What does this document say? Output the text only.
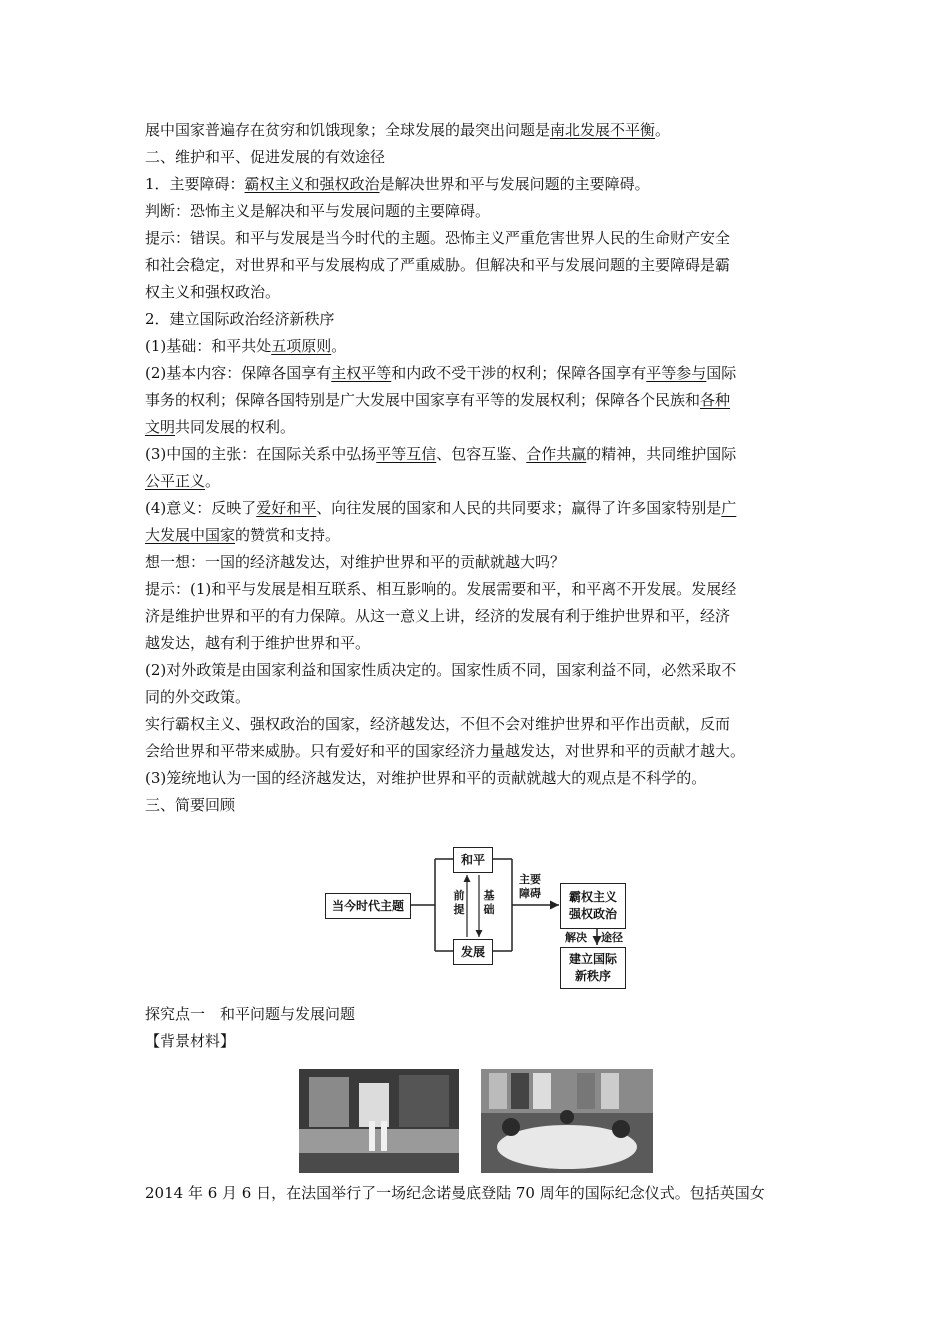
展中国家普遍存在贫穷和饥饿现象；全球发展的最突出问题是南北发展不平衡。
二、维护和平、促进发展的有效途径
1．主要障碍：霸权主义和强权政治是解决世界和平与发展问题的主要障碍。
判断：恐怖主义是解决和平与发展问题的主要障碍。
提示：错误。和平与发展是当今时代的主题。恐怖主义严重危害世界人民的生命财产安全
和社会稳定，对世界和平与发展构成了严重威胁。但解决和平与发展问题的主要障碍是霸
权主义和强权政治。
2．建立国际政治经济新秩序
(1)基础：和平共处五项原则。
(2)基本内容：保障各国享有主权平等和内政不受干涉的权利；保障各国享有平等参与国际
事务的权利；保障各国特别是广大发展中国家享有平等的发展权利；保障各个民族和各种
文明共同发展的权利。
(3)中国的主张：在国际关系中弘扬平等互信、包容互鉴、合作共赢的精神，共同维护国际
公平正义。
(4)意义：反映了爱好和平、向往发展的国家和人民的共同要求；赢得了许多国家特别是广
大发展中国家的赞赏和支持。
想一想：一国的经济越发达，对维护世界和平的贡献就越大吗？
提示：(1)和平与发展是相互联系、相互影响的。发展需要和平，和平离不开发展。发展经
济是维护世界和平的有力保障。从这一意义上讲，经济的发展有利于维护世界和平，经济
越发达，越有利于维护世界和平。
(2)对外政策是由国家利益和国家性质决定的。国家性质不同，国家利益不同，必然采取不
同的外交政策。
实行霸权主义、强权政治的国家，经济越发达，不但不会对维护世界和平作出贡献，反而
会给世界和平带来威胁。只有爱好和平的国家经济力量越发达，对世界和平的贡献才越大。
(3)笼统地认为一国的经济越发达，对维护世界和平的贡献就越大的观点是不科学的。
三、简要回顾
当今时代主题
和平
发展
前提
基础
主要
障碍	霸权主义
强权政治
解决 途径
建立国际
新秩序
探究点一　和平问题与发展问题
【背景材料】
2014 年 6 月 6 日，在法国举行了一场纪念诺曼底登陆 70 周年的国际纪念仪式。包括英国女
